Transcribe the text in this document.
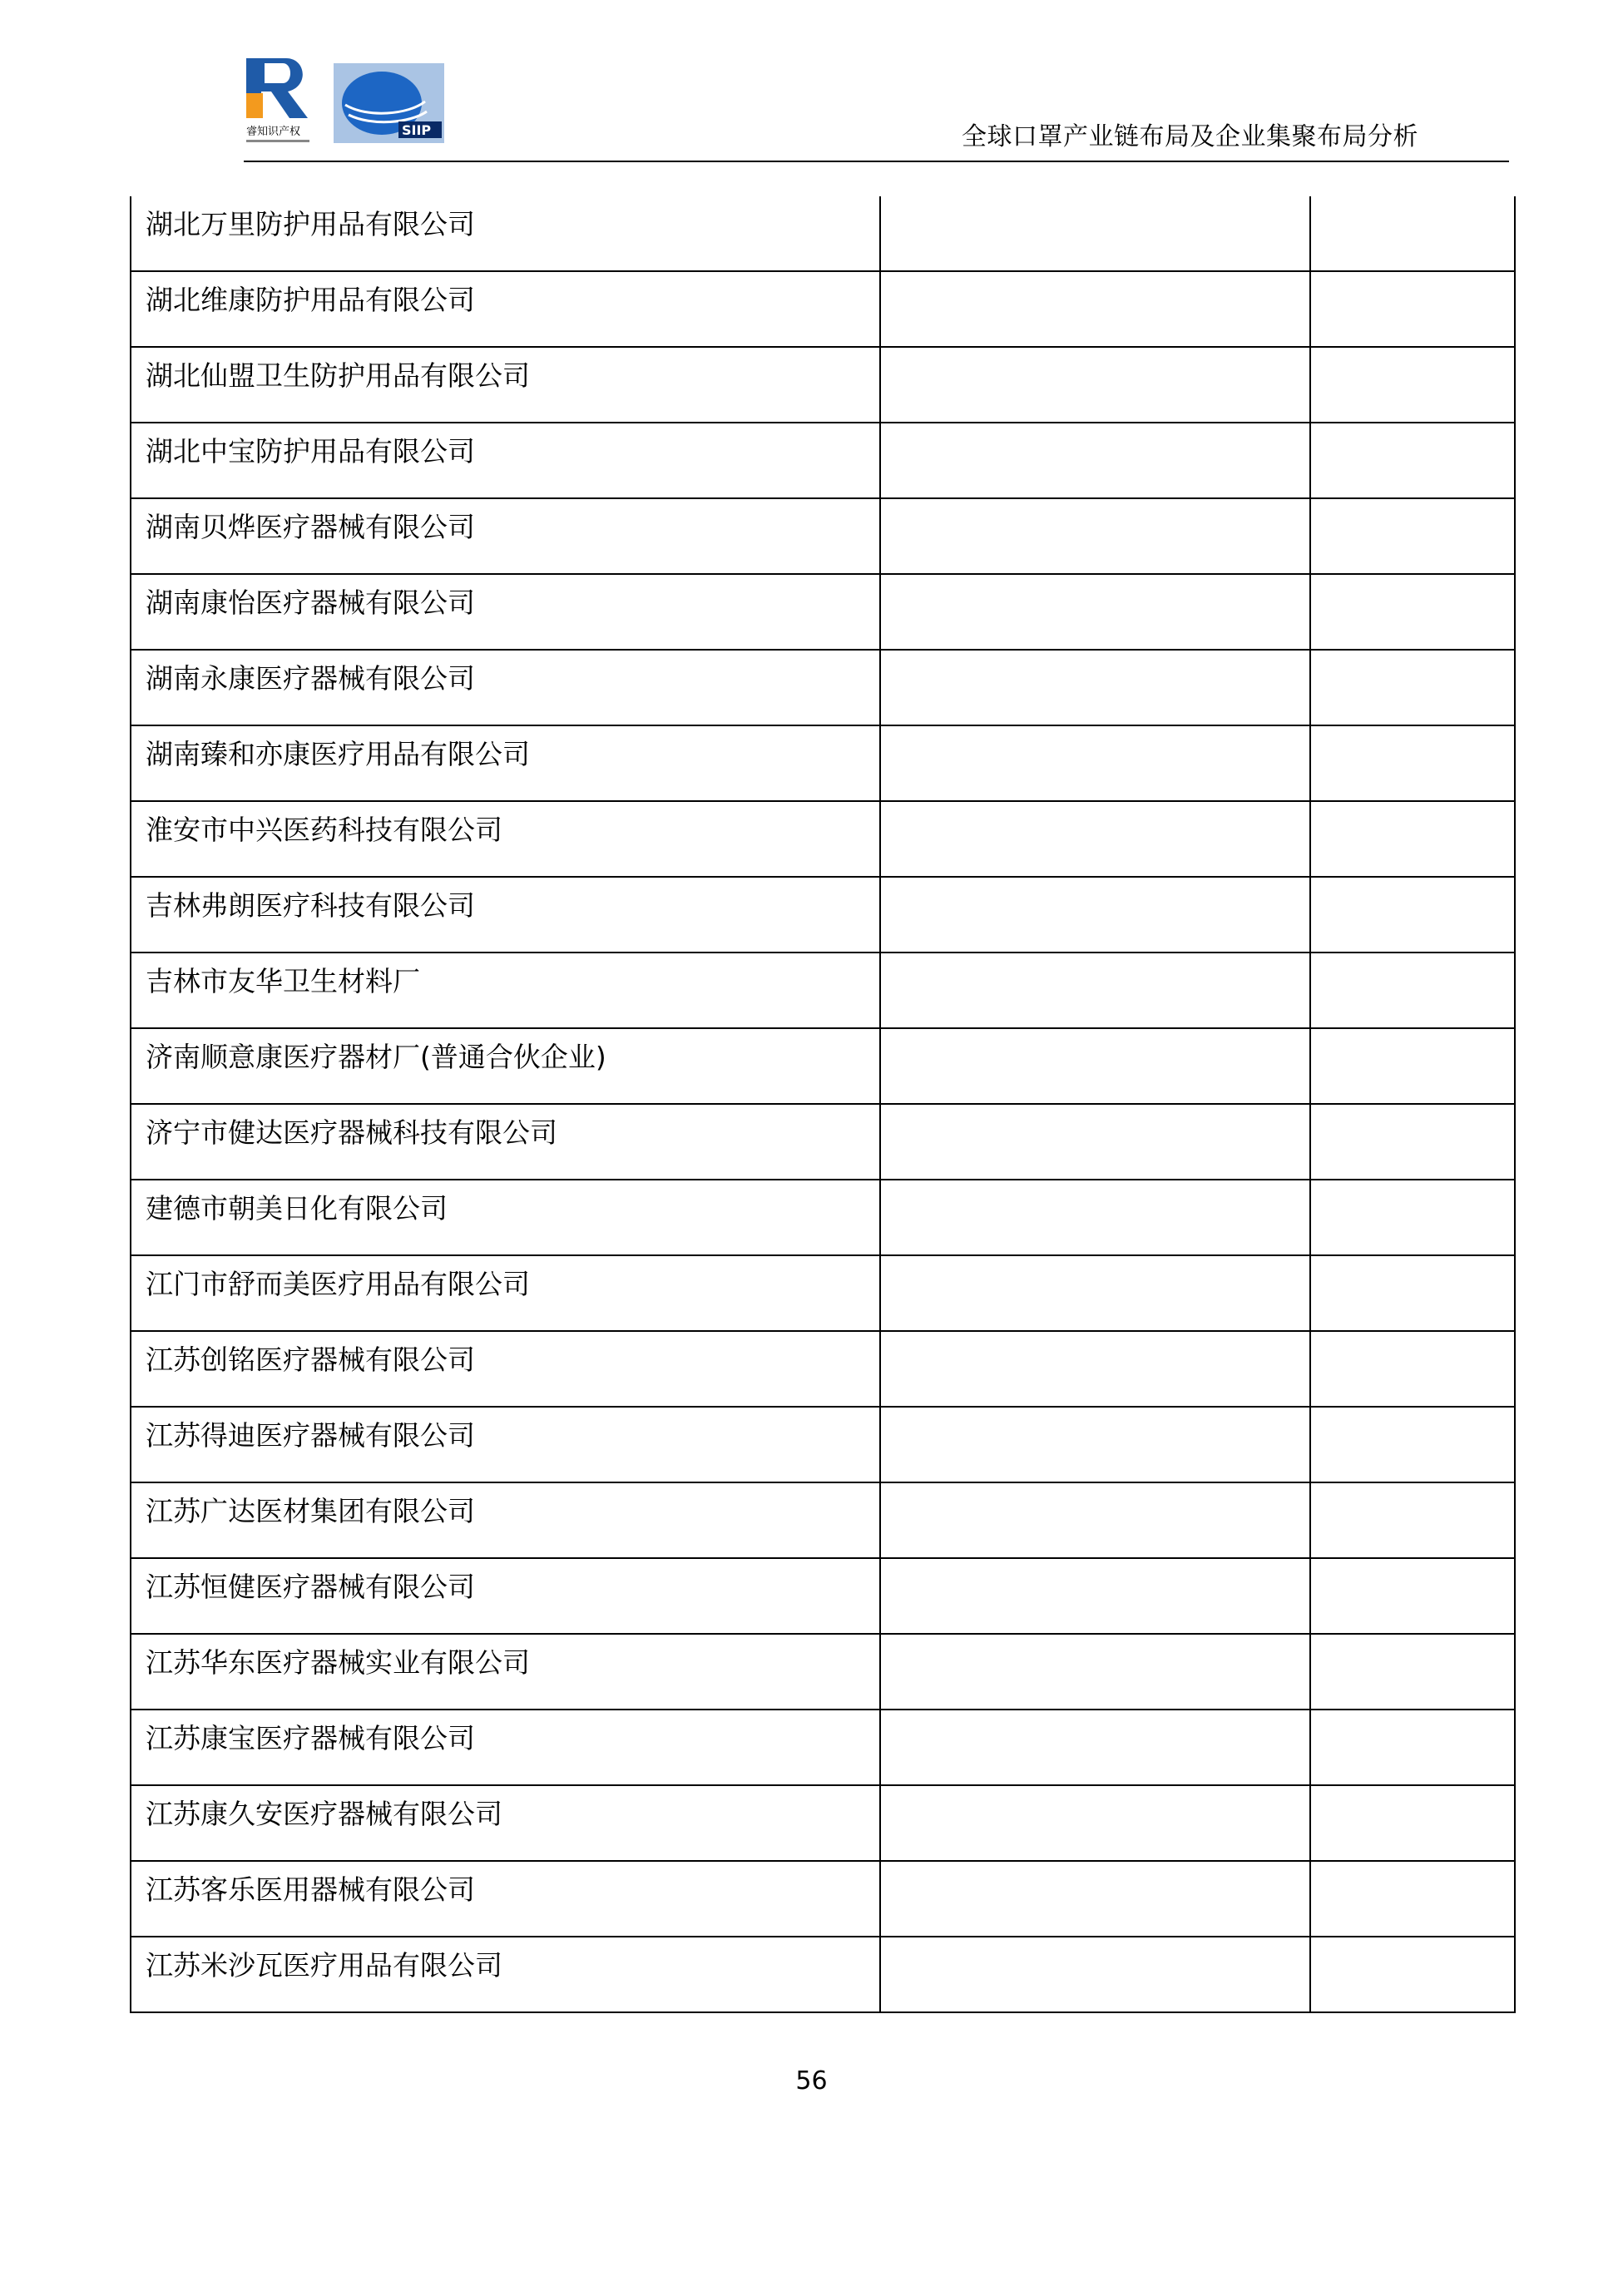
睿知识产权	SIIP	全球口罩产业链布局及企业集聚布局分析
湖北万里防护用品有限公司		
湖北维康防护用品有限公司		
湖北仙盟卫生防护用品有限公司		
湖北中宝防护用品有限公司		
湖南贝烨医疗器械有限公司		
湖南康怡医疗器械有限公司		
湖南永康医疗器械有限公司		
湖南臻和亦康医疗用品有限公司		
淮安市中兴医药科技有限公司		
吉林弗朗医疗科技有限公司		
吉林市友华卫生材料厂		
济南顺意康医疗器材厂(普通合伙企业)		
济宁市健达医疗器械科技有限公司		
建德市朝美日化有限公司		
江门市舒而美医疗用品有限公司		
江苏创铭医疗器械有限公司		
江苏得迪医疗器械有限公司		
江苏广达医材集团有限公司		
江苏恒健医疗器械有限公司		
江苏华东医疗器械实业有限公司		
江苏康宝医疗器械有限公司		
江苏康久安医疗器械有限公司		
江苏客乐医用器械有限公司		
江苏米沙瓦医疗用品有限公司		
56
